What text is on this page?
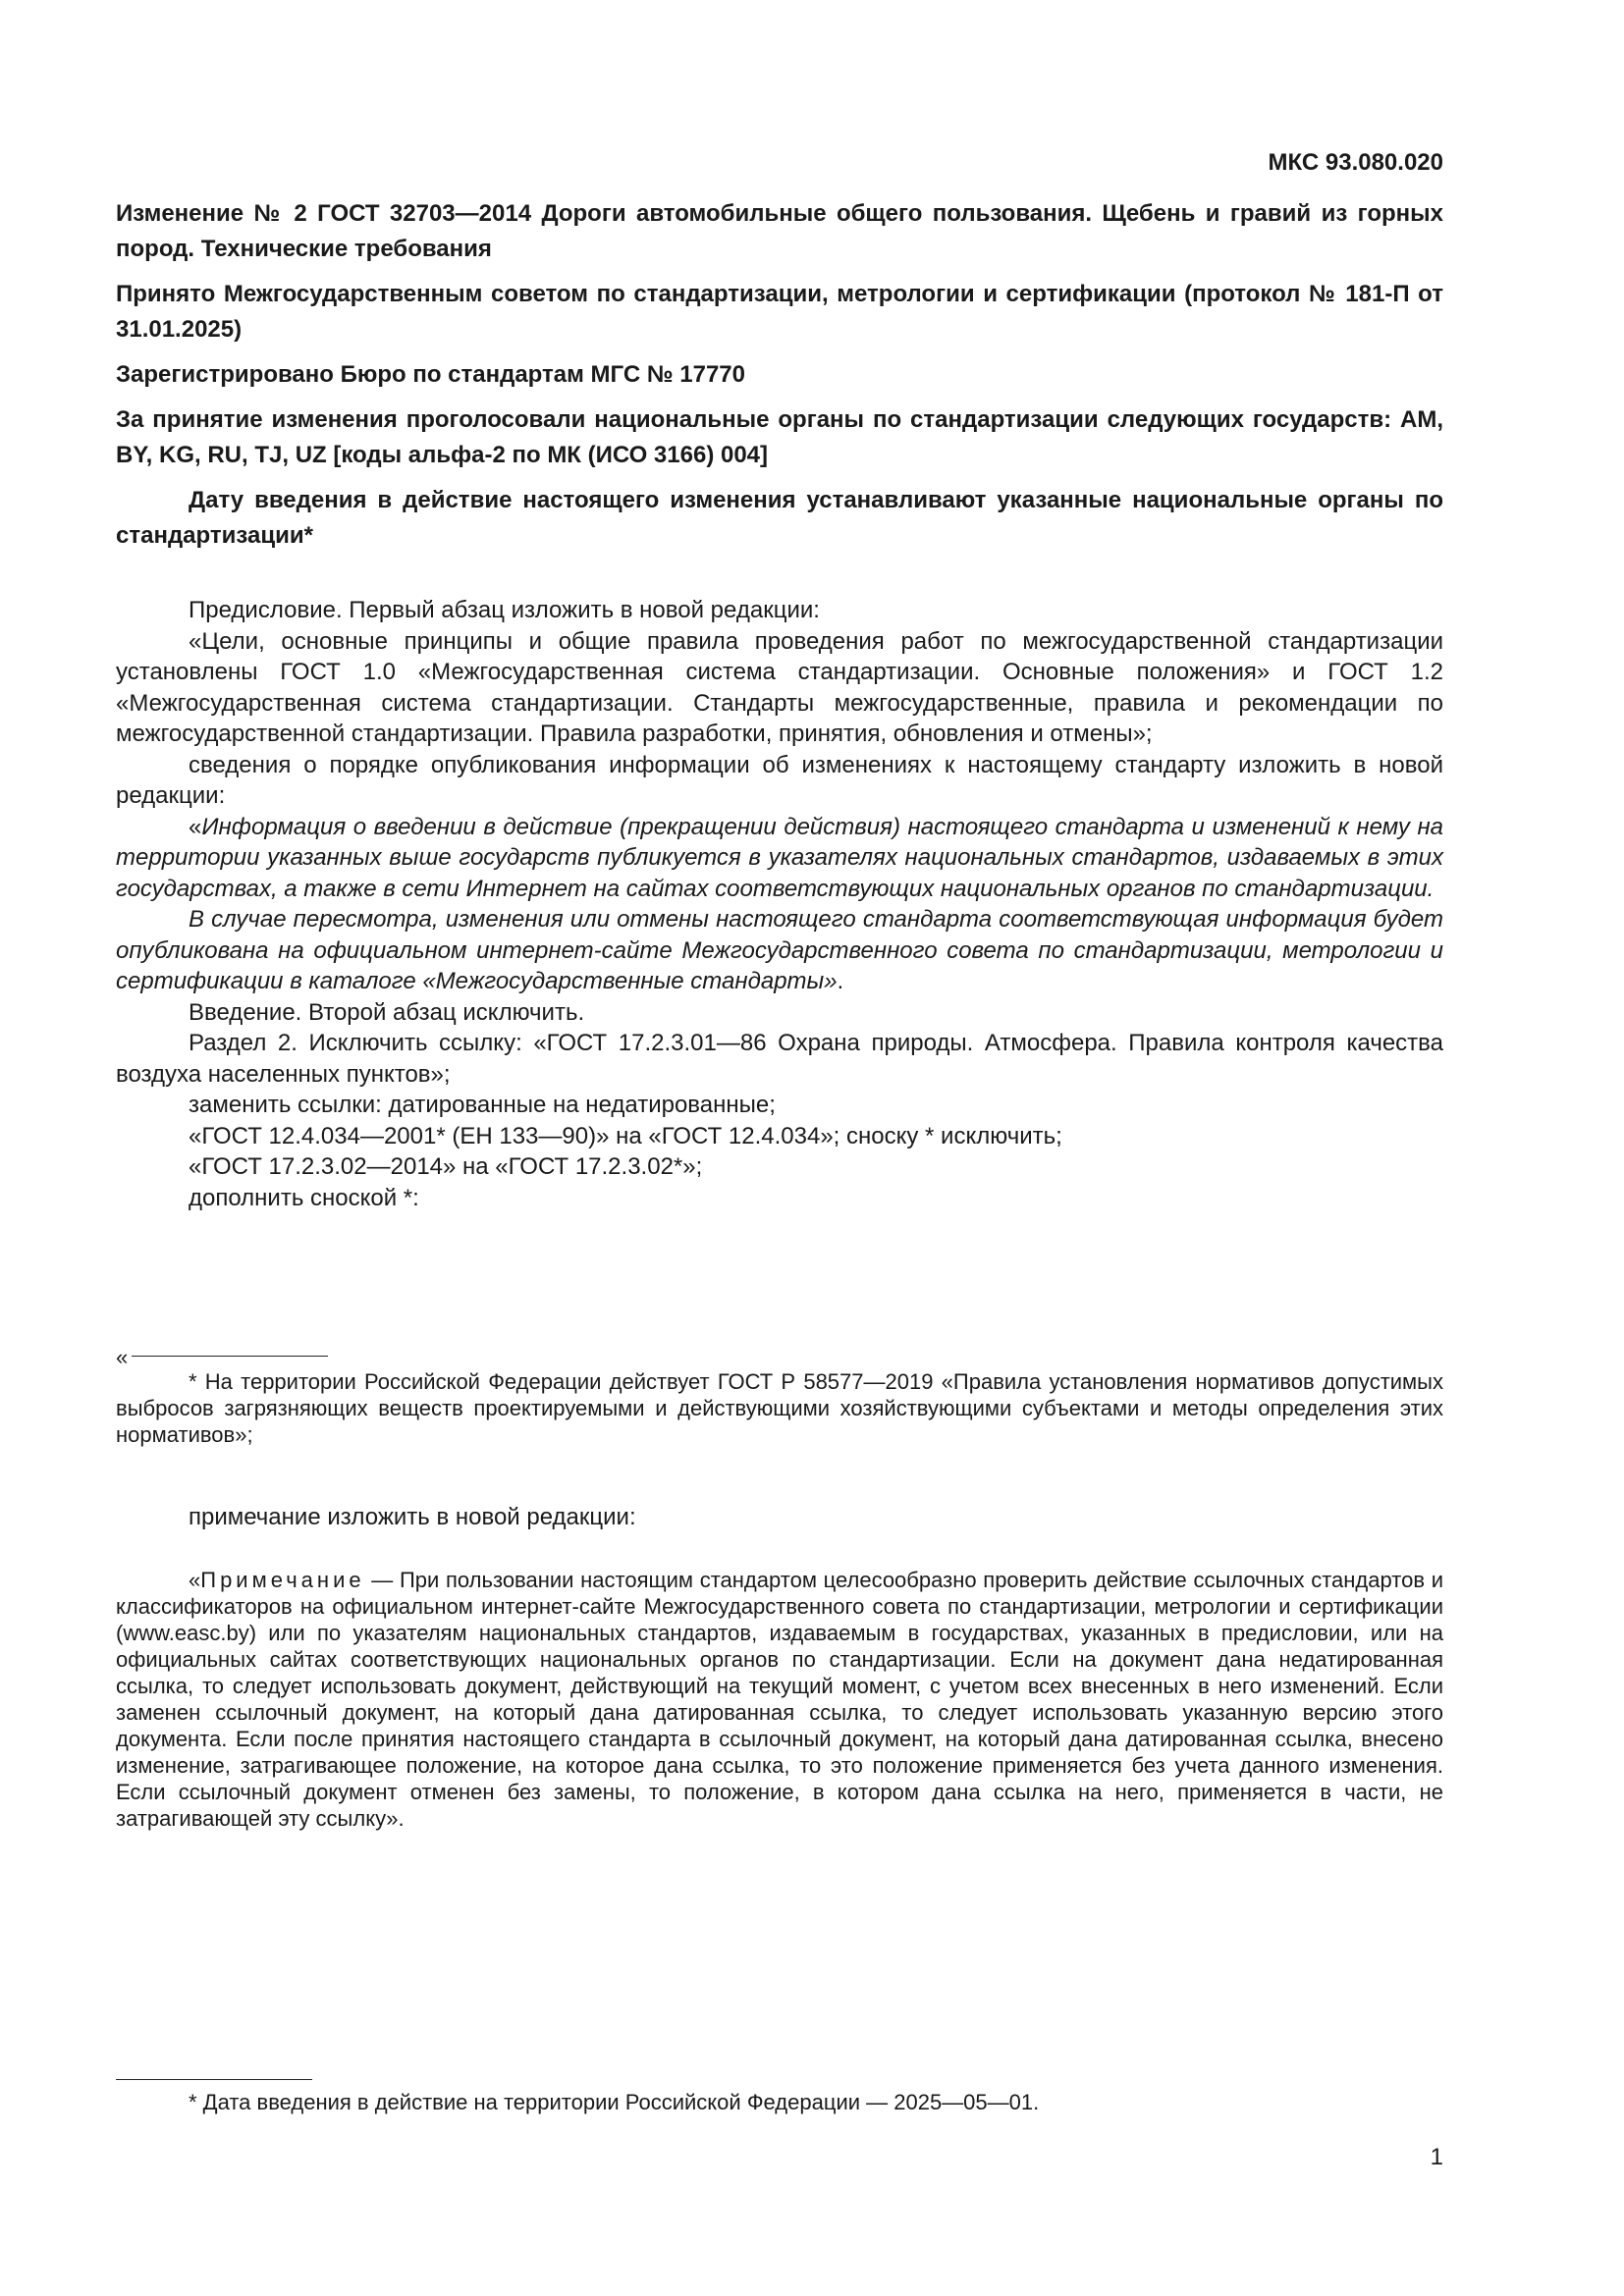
МКС 93.080.020
Изменение № 2 ГОСТ 32703—2014 Дороги автомобильные общего пользования. Щебень и гравий из горных пород. Технические требования
Принято Межгосударственным советом по стандартизации, метрологии и сертификации (протокол № 181-П от 31.01.2025)
Зарегистрировано Бюро по стандартам МГС № 17770
За принятие изменения проголосовали национальные органы по стандартизации следующих государств: AM, BY, KG, RU, TJ, UZ [коды альфа-2 по МК (ИСО 3166) 004]
Дату введения в действие настоящего изменения устанавливают указанные национальные органы по стандартизации*

Предисловие. Первый абзац изложить в новой редакции:

«Цели, основные принципы и общие правила проведения работ по межгосударственной стандартизации установлены ГОСТ 1.0 «Межгосударственная система стандартизации. Основные положения» и ГОСТ 1.2 «Межгосударственная система стандартизации. Стандарты межгосударственные, правила и рекомендации по межгосударственной стандартизации. Правила разработки, принятия, обновления и отмены»;

сведения о порядке опубликования информации об изменениях к настоящему стандарту изложить в новой редакции:

«Информация о введении в действие (прекращении действия) настоящего стандарта и изменений к нему на территории указанных выше государств публикуется в указателях национальных стандартов, издаваемых в этих государствах, а также в сети Интернет на сайтах соответствующих национальных органов по стандартизации.

В случае пересмотра, изменения или отмены настоящего стандарта соответствующая информация будет опубликована на официальном интернет-сайте Межгосударственного совета по стандартизации, метрологии и сертификации в каталоге «Межгосударственные стандарты».

Введение. Второй абзац исключить.

Раздел 2. Исключить ссылку: «ГОСТ 17.2.3.01—86 Охрана природы. Атмосфера. Правила контроля качества воздуха населенных пунктов»;

заменить ссылки: датированные на недатированные;

«ГОСТ 12.4.034—2001* (ЕН 133—90)» на «ГОСТ 12.4.034»; сноску * исключить;

«ГОСТ 17.2.3.02—2014» на «ГОСТ 17.2.3.02*»;

дополнить сноской *:

«

* На территории Российской Федерации действует ГОСТ Р 58577—2019 «Правила установления нормативов допустимых выбросов загрязняющих веществ проектируемыми и действующими хозяйствующими субъектами и методы определения этих нормативов»;

примечание изложить в новой редакции:

«Примечание — При пользовании настоящим стандартом целесообразно проверить действие ссылочных стандартов и классификаторов на официальном интернет-сайте Межгосударственного совета по стандартизации, метрологии и сертификации (www.easc.by) или по указателям национальных стандартов, издаваемым в государствах, указанных в предисловии, или на официальных сайтах соответствующих национальных органов по стандартизации. Если на документ дана недатированная ссылка, то следует использовать документ, действующий на текущий момент, с учетом всех внесенных в него изменений. Если заменен ссылочный документ, на который дана датированная ссылка, то следует использовать указанную версию этого документа. Если после принятия настоящего стандарта в ссылочный документ, на который дана датированная ссылка, внесено изменение, затрагивающее положение, на которое дана ссылка, то это положение применяется без учета данного изменения. Если ссылочный документ отменен без замены, то положение, в котором дана ссылка на него, применяется в части, не затрагивающей эту ссылку».

* Дата введения в действие на территории Российской Федерации — 2025—05—01.

1
